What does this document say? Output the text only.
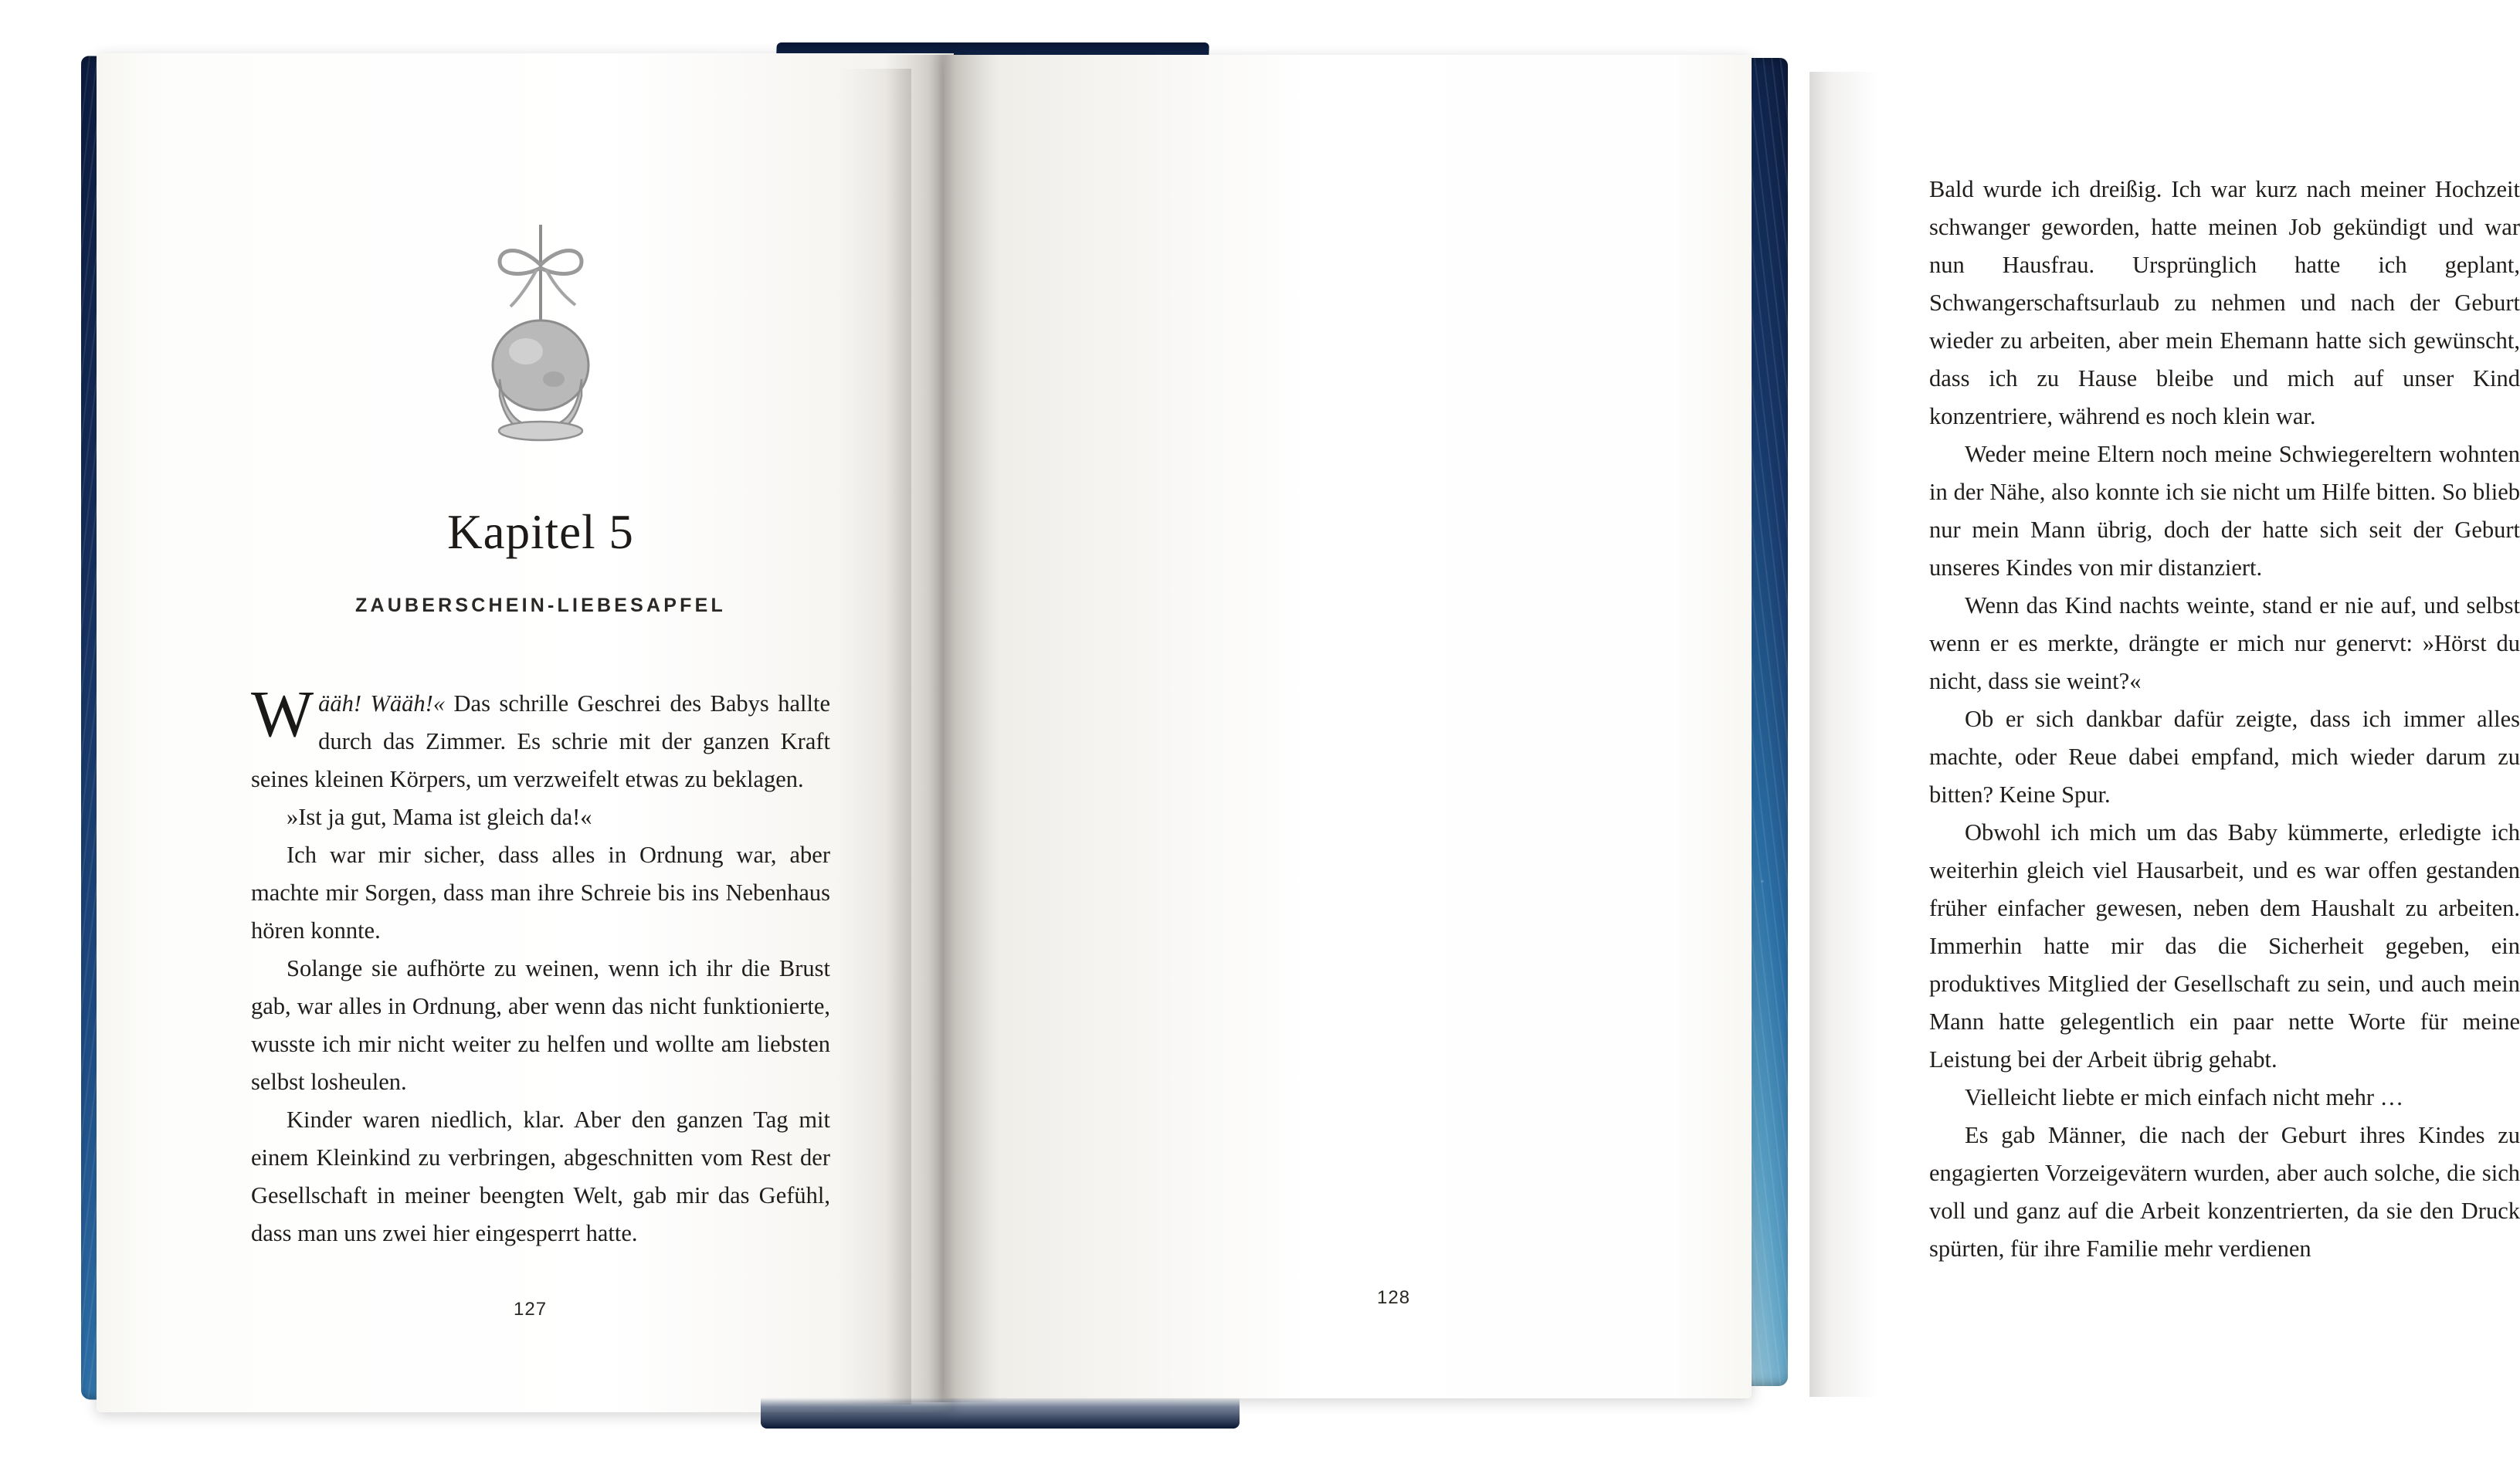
Kapitel 5
ZAUBERSCHEIN-LIEBESAPFEL

Wääh! Wääh!« Das schrille Geschrei des Babys hallte durch das Zimmer. Es schrie mit der ganzen Kraft seines kleinen Körpers, um verzweifelt etwas zu beklagen.

»Ist ja gut, Mama ist gleich da!«

Ich war mir sicher, dass alles in Ordnung war, aber machte mir Sorgen, dass man ihre Schreie bis ins Nebenhaus hören konnte.

Solange sie aufhörte zu weinen, wenn ich ihr die Brust gab, war alles in Ordnung, aber wenn das nicht funktionierte, wusste ich mir nicht weiter zu helfen und wollte am liebsten selbst losheulen.

Kinder waren niedlich, klar. Aber den ganzen Tag mit einem Kleinkind zu verbringen, abgeschnitten vom Rest der Gesellschaft in meiner beengten Welt, gab mir das Gefühl, dass man uns zwei hier eingesperrt hatte.

127

Bald wurde ich dreißig. Ich war kurz nach meiner Hochzeit schwanger geworden, hatte meinen Job gekündigt und war nun Hausfrau. Ursprünglich hatte ich geplant, Schwangerschaftsurlaub zu nehmen und nach der Geburt wieder zu arbeiten, aber mein Ehemann hatte sich gewünscht, dass ich zu Hause bleibe und mich auf unser Kind konzentriere, während es noch klein war.

Weder meine Eltern noch meine Schwiegereltern wohnten in der Nähe, also konnte ich sie nicht um Hilfe bitten. So blieb nur mein Mann übrig, doch der hatte sich seit der Geburt unseres Kindes von mir distanziert.

Wenn das Kind nachts weinte, stand er nie auf, und selbst wenn er es merkte, drängte er mich nur genervt: »Hörst du nicht, dass sie weint?«

Ob er sich dankbar dafür zeigte, dass ich immer alles machte, oder Reue dabei empfand, mich wieder darum zu bitten? Keine Spur.

Obwohl ich mich um das Baby kümmerte, erledigte ich weiterhin gleich viel Hausarbeit, und es war offen gestanden früher einfacher gewesen, neben dem Haushalt zu arbeiten. Immerhin hatte mir das die Sicherheit gegeben, ein produktives Mitglied der Gesellschaft zu sein, und auch mein Mann hatte gelegentlich ein paar nette Worte für meine Leistung bei der Arbeit übrig gehabt.

Vielleicht liebte er mich einfach nicht mehr …

Es gab Männer, die nach der Geburt ihres Kindes zu engagierten Vorzeigevätern wurden, aber auch solche, die sich voll und ganz auf die Arbeit konzentrierten, da sie den Druck spürten, für ihre Familie mehr verdienen

128
